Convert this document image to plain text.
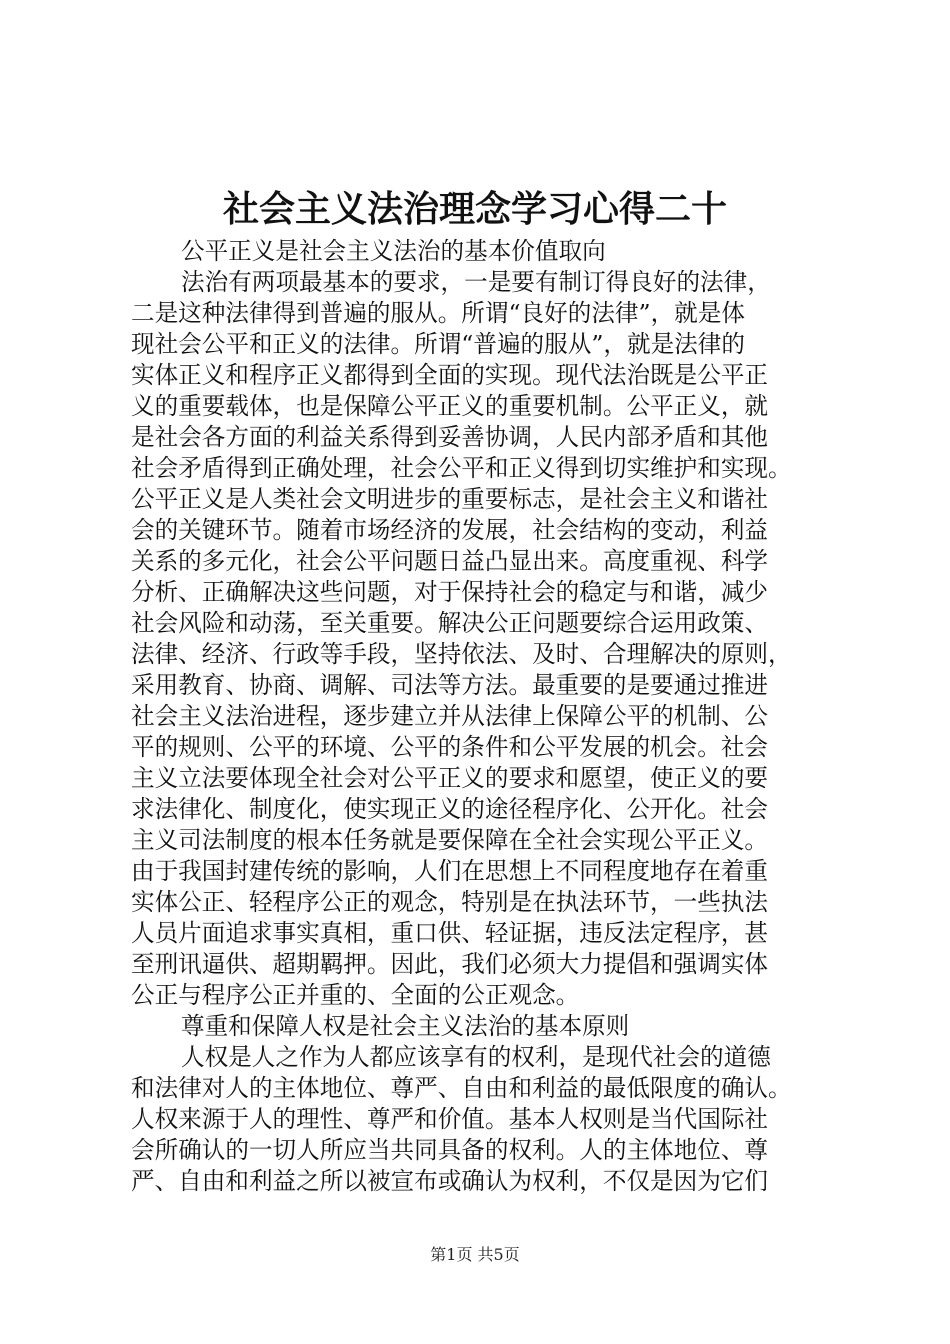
社会主义法治理念学习心得二十
公平正义是社会主义法治的基本价值取向
法治有两项最基本的要求，一是要有制订得良好的法律，
二是这种法律得到普遍的服从。所谓“良好的法律”，就是体
现社会公平和正义的法律。所谓“普遍的服从”，就是法律的
实体正义和程序正义都得到全面的实现。现代法治既是公平正
义的重要载体，也是保障公平正义的重要机制。公平正义，就
是社会各方面的利益关系得到妥善协调，人民内部矛盾和其他
社会矛盾得到正确处理，社会公平和正义得到切实维护和实现。
公平正义是人类社会文明进步的重要标志，是社会主义和谐社
会的关键环节。随着市场经济的发展，社会结构的变动，利益
关系的多元化，社会公平问题日益凸显出来。高度重视、科学
分析、正确解决这些问题，对于保持社会的稳定与和谐，减少
社会风险和动荡，至关重要。解决公正问题要综合运用政策、
法律、经济、行政等手段，坚持依法、及时、合理解决的原则，
采用教育、协商、调解、司法等方法。最重要的是要通过推进
社会主义法治进程，逐步建立并从法律上保障公平的机制、公
平的规则、公平的环境、公平的条件和公平发展的机会。社会
主义立法要体现全社会对公平正义的要求和愿望，使正义的要
求法律化、制度化，使实现正义的途径程序化、公开化。社会
主义司法制度的根本任务就是要保障在全社会实现公平正义。
由于我国封建传统的影响，人们在思想上不同程度地存在着重
实体公正、轻程序公正的观念，特别是在执法环节，一些执法
人员片面追求事实真相，重口供、轻证据，违反法定程序，甚
至刑讯逼供、超期羁押。因此，我们必须大力提倡和强调实体
公正与程序公正并重的、全面的公正观念。
尊重和保障人权是社会主义法治的基本原则
人权是人之作为人都应该享有的权利，是现代社会的道德
和法律对人的主体地位、尊严、自由和利益的最低限度的确认。
人权来源于人的理性、尊严和价值。基本人权则是当代国际社
会所确认的一切人所应当共同具备的权利。人的主体地位、尊
严、自由和利益之所以被宣布或确认为权利，不仅是因为它们
第1页 共5页
